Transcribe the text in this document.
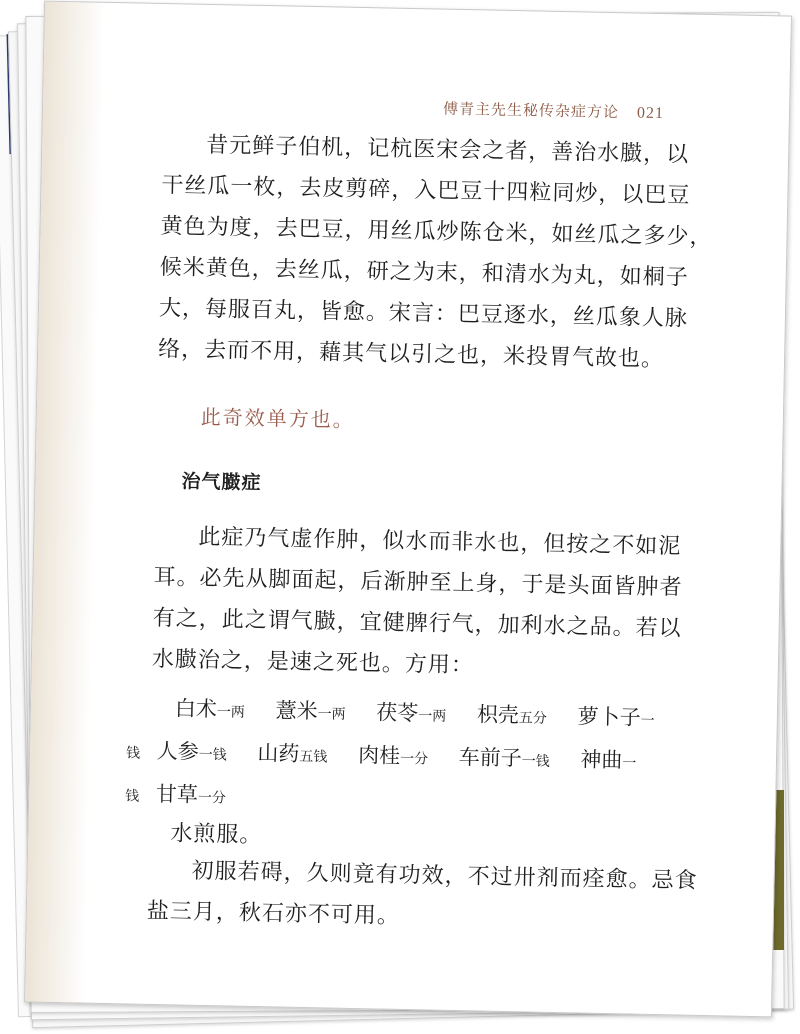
傅青主先生秘传杂症方论 021
昔元鲜子伯机，记杭医宋会之者，善治水臌，以
干丝瓜一枚，去皮剪碎，入巴豆十四粒同炒，以巴豆
黄色为度，去巴豆，用丝瓜炒陈仓米，如丝瓜之多少，
候米黄色，去丝瓜，研之为末，和清水为丸，如桐子
大，每服百丸，皆愈。宋言：巴豆逐水，丝瓜象人脉
络，去而不用，藉其气以引之也，米投胃气故也。
此奇效单方也。
治气臌症
此症乃气虚作肿，似水而非水也，但按之不如泥
耳。必先从脚面起，后渐肿至上身，于是头面皆肿者
有之，此之谓气臌，宜健脾行气，加利水之品。若以
水臌治之，是速之死也。方用：
白术一两 薏米一两 茯苓一两 枳壳五分 萝卜子一
钱 人参一钱 山药五钱 肉桂一分 车前子一钱 神曲一
钱 甘草一分
水煎服。
初服若碍，久则竟有功效，不过卅剂而痊愈。忌食
盐三月，秋石亦不可用。
